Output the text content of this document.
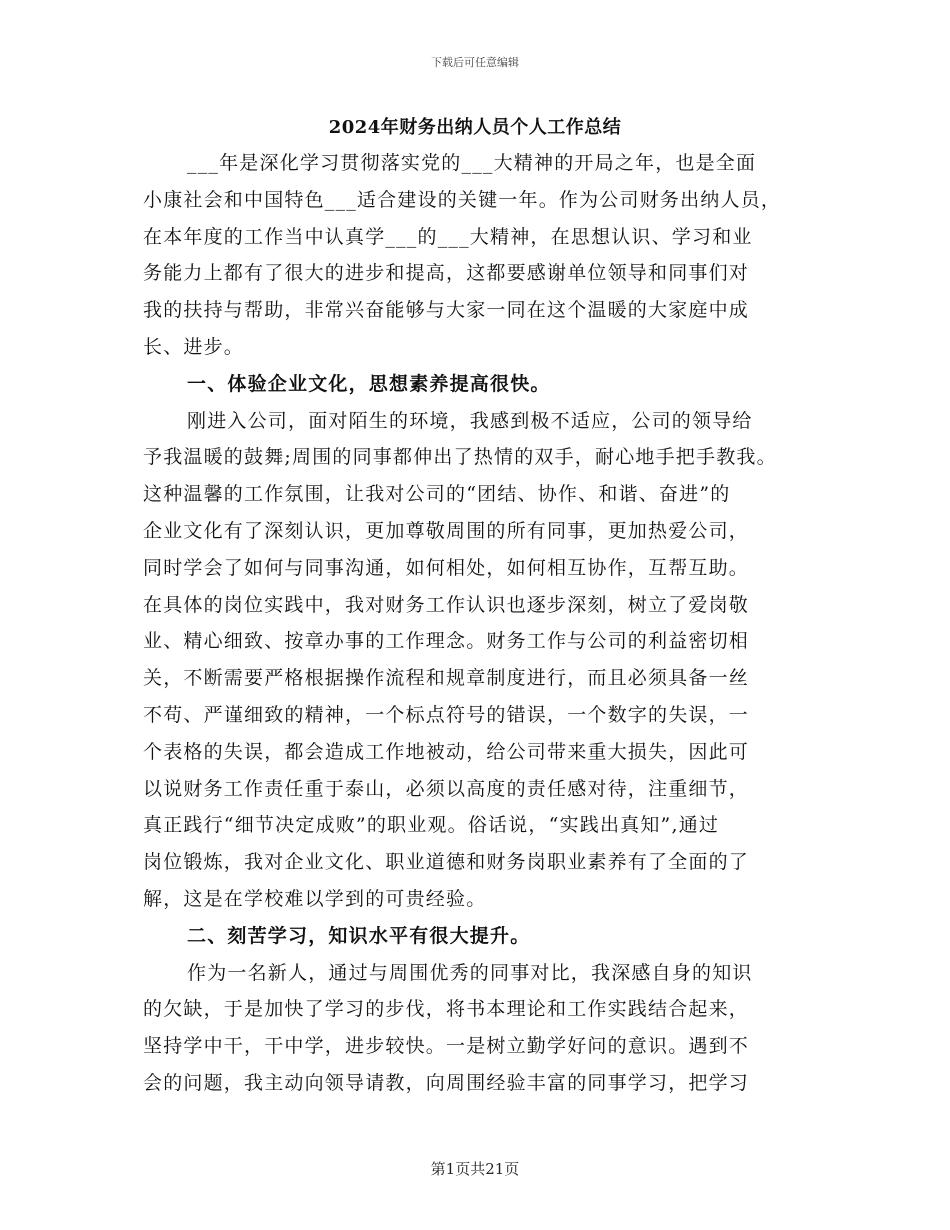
下载后可任意编辑
2024年财务出纳人员个人工作总结
___年是深化学习贯彻落实党的___大精神的开局之年，也是全面
小康社会和中国特色___适合建设的关键一年。作为公司财务出纳人员，
在本年度的工作当中认真学___的___大精神，在思想认识、学习和业
务能力上都有了很大的进步和提高，这都要感谢单位领导和同事们对
我的扶持与帮助，非常兴奋能够与大家一同在这个温暖的大家庭中成
长、进步。
一、体验企业文化，思想素养提高很快。
刚进入公司，面对陌生的环境，我感到极不适应，公司的领导给
予我温暖的鼓舞;周围的同事都伸出了热情的双手，耐心地手把手教我。
这种温馨的工作氛围，让我对公司的“团结、协作、和谐、奋进”的
企业文化有了深刻认识，更加尊敬周围的所有同事，更加热爱公司，
同时学会了如何与同事沟通，如何相处，如何相互协作，互帮互助。
在具体的岗位实践中，我对财务工作认识也逐步深刻，树立了爱岗敬
业、精心细致、按章办事的工作理念。财务工作与公司的利益密切相
关，不断需要严格根据操作流程和规章制度进行，而且必须具备一丝
不苟、严谨细致的精神，一个标点符号的错误，一个数字的失误，一
个表格的失误，都会造成工作地被动，给公司带来重大损失，因此可
以说财务工作责任重于泰山，必须以高度的责任感对待，注重细节，
真正践行“细节决定成败”的职业观。俗话说，“实践出真知”,通过
岗位锻炼，我对企业文化、职业道德和财务岗职业素养有了全面的了
解，这是在学校难以学到的可贵经验。
二、刻苦学习，知识水平有很大提升。
作为一名新人，通过与周围优秀的同事对比，我深感自身的知识
的欠缺，于是加快了学习的步伐，将书本理论和工作实践结合起来，
坚持学中干，干中学，进步较快。一是树立勤学好问的意识。遇到不
会的问题，我主动向领导请教，向周围经验丰富的同事学习，把学习
第1页共21页
